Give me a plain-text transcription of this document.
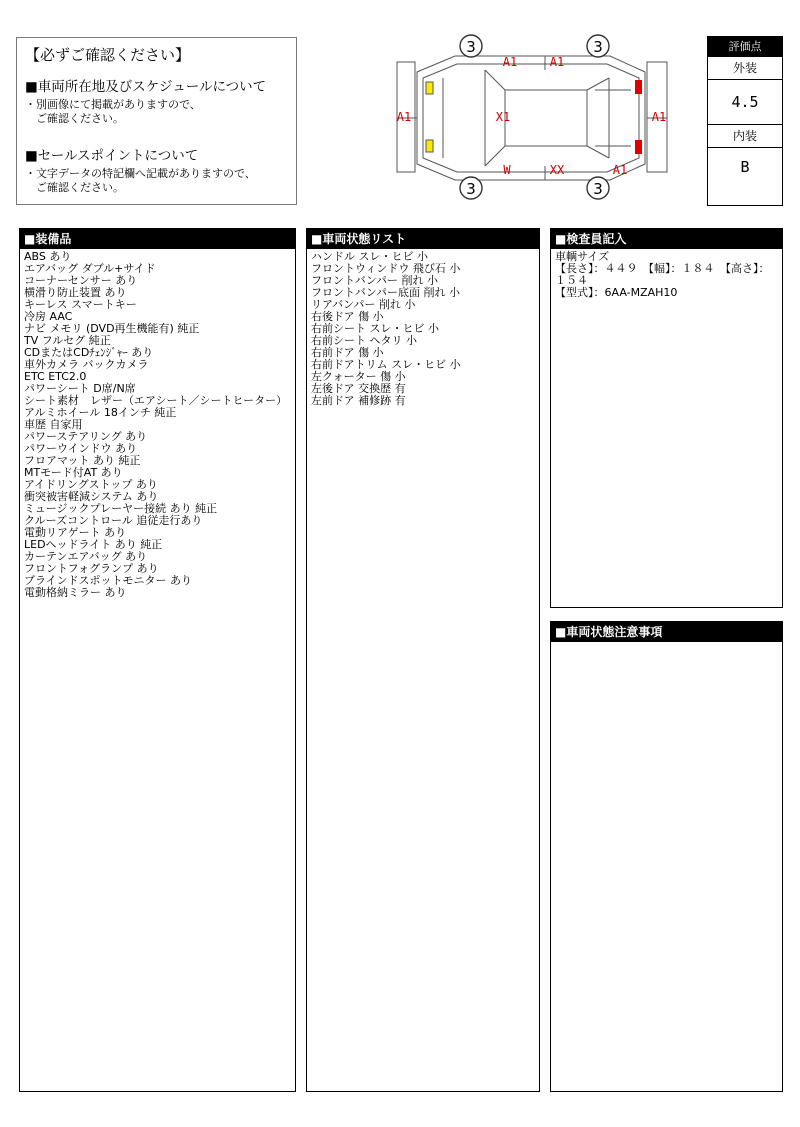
【必ずご確認ください】
■車両所在地及びスケジュールについて

・別画像にて掲載がありますので、
　ご確認ください。

■セールスポイントについて

・文字データの特記欄へ記載がありますので、
　ご確認ください。

3	3
3	3
A1	A1
A1	X1	A1
W	XX	A1
評価点
外装
4.5
内装
B
■装備品
ABS あり
エアバッグ ダブル+サイド
コーナーセンサー あり
横滑り防止装置 あり
キーレス スマートキー
冷房 AAC
ナビ メモリ (DVD再生機能有) 純正
TV フルセグ 純正
CDまたはCDﾁｪﾝｼﾞｬｰ あり
車外カメラ バックカメラ
ETC ETC2.0
パワーシート D席/N席
シート素材　レザー（エアシート／シートヒーター）
アルミホイール 18インチ 純正
車歴 自家用
パワーステアリング あり
パワーウインドウ あり
フロアマット あり 純正
MTモード付AT あり
アイドリングストップ あり
衝突被害軽減システム あり
ミュージックプレーヤー接続 あり 純正
クルーズコントロール 追従走行あり
電動リアゲート あり
LEDヘッドライト あり 純正
カーテンエアバッグ あり
フロントフォグランプ あり
ブラインドスポットモニター あり
電動格納ミラー あり
■車両状態リスト
ハンドル スレ・ヒビ 小
フロントウィンドウ 飛び石 小
フロントバンパー 削れ 小
フロントバンパー底面 削れ 小
リアバンパー 削れ 小
右後ドア 傷 小
右前シート スレ・ヒビ 小
右前シート ヘタリ 小
右前ドア 傷 小
右前ドアトリム スレ・ヒビ 小
左クォーター 傷 小
左後ドア 交換歴 有
左前ドア 補修跡 有
■検査員記入
車輌サイズ
【長さ】：４４９　【幅】：１８４　【高さ】：１５４
【型式】：6AA-MZAH10
■車両状態注意事項
